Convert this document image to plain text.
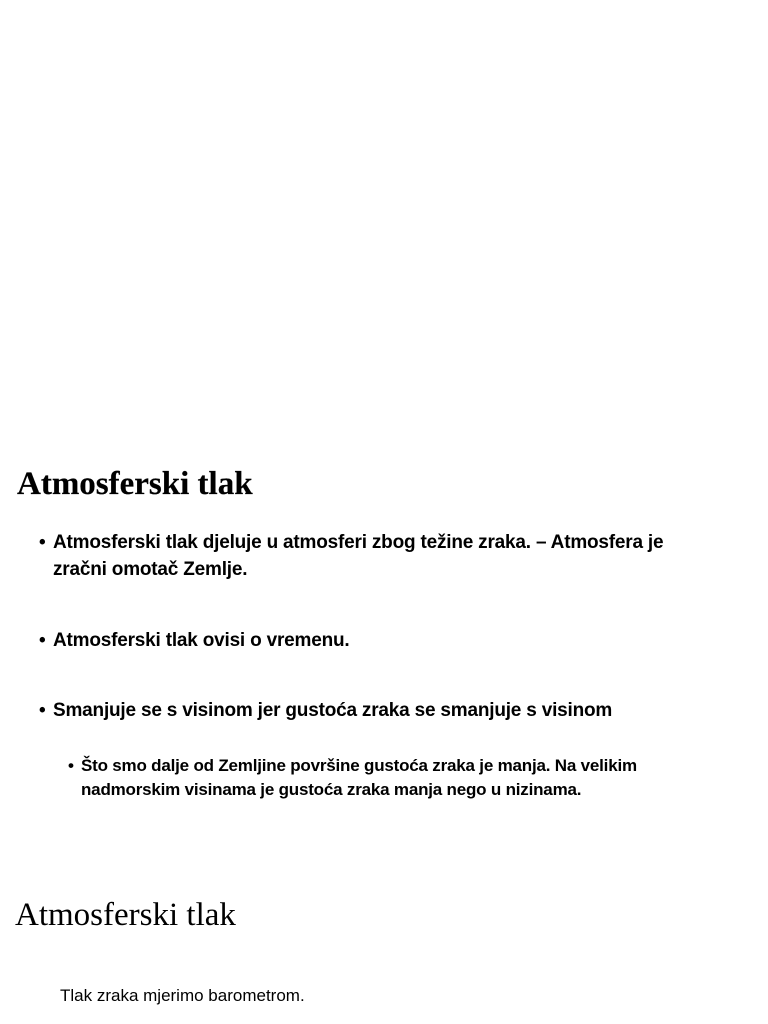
Atmosferski tlak
• Atmosferski tlak djeluje u atmosferi zbog težine zraka. – Atmosfera je zračni omotač Zemlje.
• Atmosferski tlak ovisi o vremenu.
• Smanjuje se s visinom jer gustoća zraka se smanjuje s visinom
• Što smo dalje od Zemljine površine gustoća zraka je manja. Na velikim nadmorskim visinama je gustoća zraka manja nego u nizinama.
Atmosferski tlak

Tlak zraka mjerimo barometrom.
